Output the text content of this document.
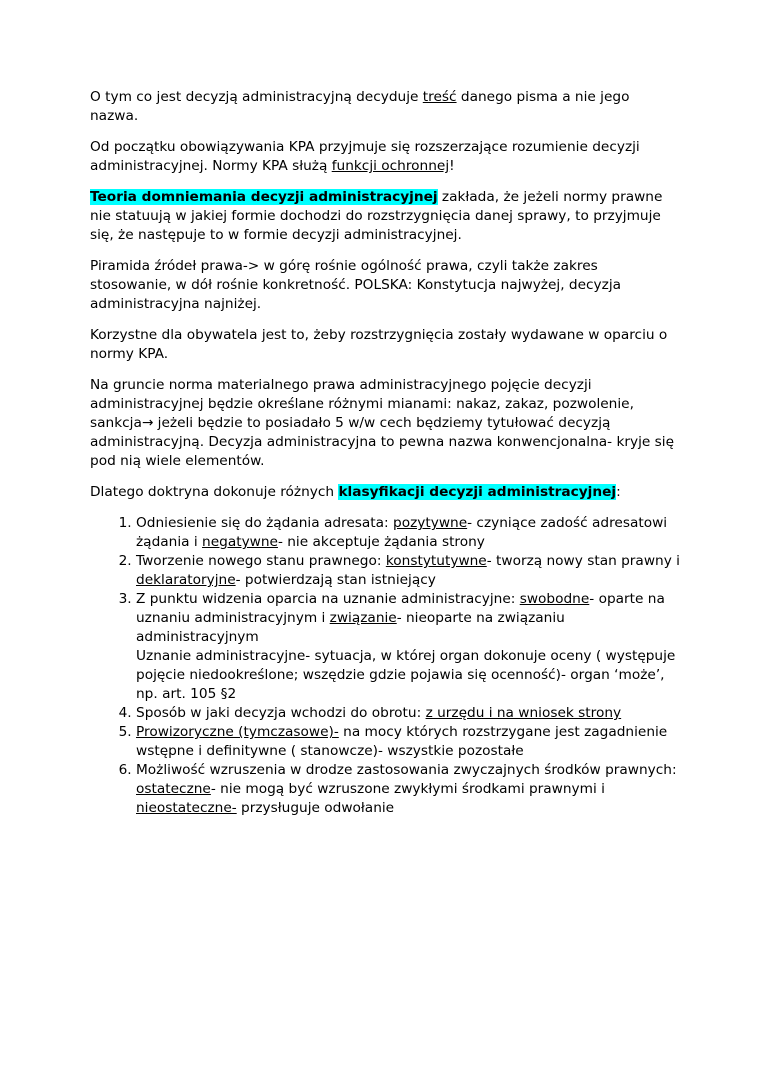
O tym co jest decyzją administracyjną decyduje treść danego pisma a nie jego nazwa.

Od początku obowiązywania KPA przyjmuje się rozszerzające rozumienie decyzji administracyjnej. Normy KPA służą funkcji ochronnej!

Teoria domniemania decyzji administracyjnej zakłada, że jeżeli normy prawne nie statuują w jakiej formie dochodzi do rozstrzygnięcia danej sprawy, to przyjmuje się, że następuje to w formie decyzji administracyjnej.

Piramida źródeł prawa-> w górę rośnie ogólność prawa, czyli także zakres stosowanie, w dół rośnie konkretność. POLSKA: Konstytucja najwyżej, decyzja administracyjna najniżej.

Korzystne dla obywatela jest to, żeby rozstrzygnięcia zostały wydawane w oparciu o normy KPA.

Na gruncie norma materialnego prawa administracyjnego pojęcie decyzji administracyjnej będzie określane różnymi mianami: nakaz, zakaz, pozwolenie, sankcja→ jeżeli będzie to posiadało 5 w/w cech będziemy tytułować decyzją administracyjną. Decyzja administracyjna to pewna nazwa konwencjonalna- kryje się pod nią wiele elementów.

Dlatego doktryna dokonuje różnych klasyfikacji decyzji administracyjnej:

1. Odniesienie się do żądania adresata: pozytywne- czyniące zadość adresatowi żądania i negatywne- nie akceptuje żądania strony
2. Tworzenie nowego stanu prawnego: konstytutywne- tworzą nowy stan prawny i deklaratoryjne- potwierdzają stan istniejący
3. Z punktu widzenia oparcia na uznanie administracyjne: swobodne- oparte na uznaniu administracyjnym i związanie- nieoparte na związaniu administracyjnym
Uznanie administracyjne- sytuacja, w której organ dokonuje oceny ( występuje pojęcie niedookreślone; wszędzie gdzie pojawia się ocenność)- organ ‘może’, np. art. 105 §2
4. Sposób w jaki decyzja wchodzi do obrotu: z urzędu i na wniosek strony
5. Prowizoryczne (tymczasowe)- na mocy których rozstrzygane jest zagadnienie wstępne i definitywne ( stanowcze)- wszystkie pozostałe
6. Możliwość wzruszenia w drodze zastosowania zwyczajnych środków prawnych: ostateczne- nie mogą być wzruszone zwykłymi środkami prawnymi i nieostateczne- przysługuje odwołanie
